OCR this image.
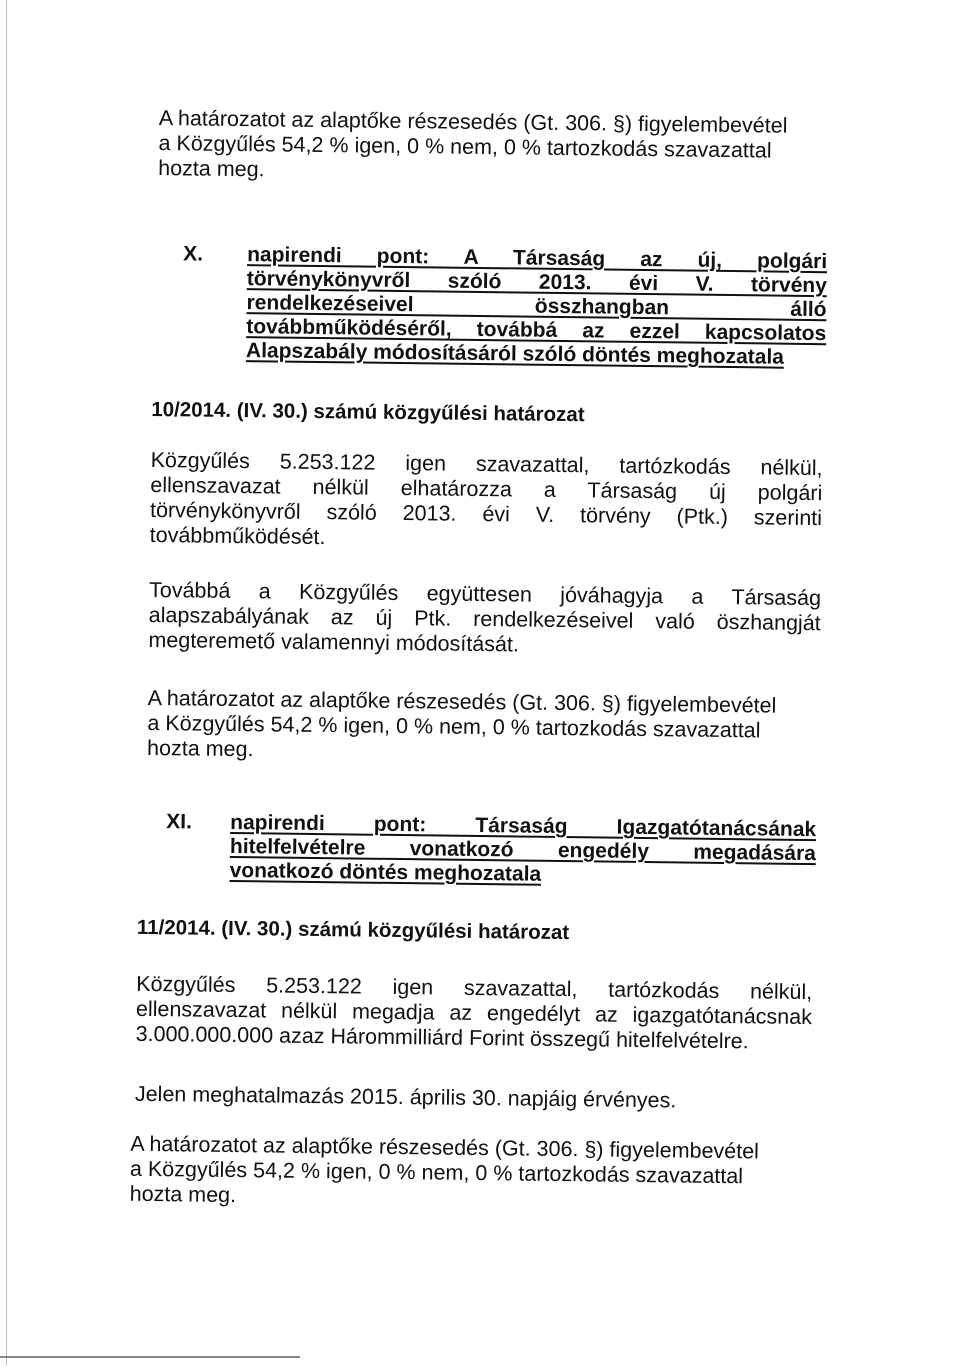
A határozatot az alaptőke részesedés (Gt. 306. §) figyelembevétel
a Közgyűlés 54,2 % igen, 0 % nem, 0 % tartozkodás szavazattal
hozta meg.
X. napirendi pont: A Társaság az új, polgári
törvénykönyvről szóló 2013. évi V. törvény
rendelkezéseivel összhangban álló
továbbműködéséről, továbbá az ezzel kapcsolatos
Alapszabály módosításáról szóló döntés meghozatala
10/2014. (IV. 30.) számú közgyűlési határozat
Közgyűlés 5.253.122 igen szavazattal, tartózkodás nélkül,
ellenszavazat nélkül elhatározza a Társaság új polgári
törvénykönyvről szóló 2013. évi V. törvény (Ptk.) szerinti
továbbműködését.
Továbbá a Közgyűlés együttesen jóváhagyja a Társaság
alapszabályának az új Ptk. rendelkezéseivel való öszhangját
megteremető valamennyi módosítását.
A határozatot az alaptőke részesedés (Gt. 306. §) figyelembevétel
a Közgyűlés 54,2 % igen, 0 % nem, 0 % tartozkodás szavazattal
hozta meg.
XI. napirendi pont: Társaság Igazgatótanácsának
hitelfelvételre vonatkozó engedély megadására
vonatkozó döntés meghozatala
11/2014. (IV. 30.) számú közgyűlési határozat
Közgyűlés 5.253.122 igen szavazattal, tartózkodás nélkül,
ellenszavazat nélkül megadja az engedélyt az igazgatótanácsnak
3.000.000.000 azaz Hárommilliárd Forint összegű hitelfelvételre.
Jelen meghatalmazás 2015. április 30. napjáig érvényes.
A határozatot az alaptőke részesedés (Gt. 306. §) figyelembevétel
a Közgyűlés 54,2 % igen, 0 % nem, 0 % tartozkodás szavazattal
hozta meg.
